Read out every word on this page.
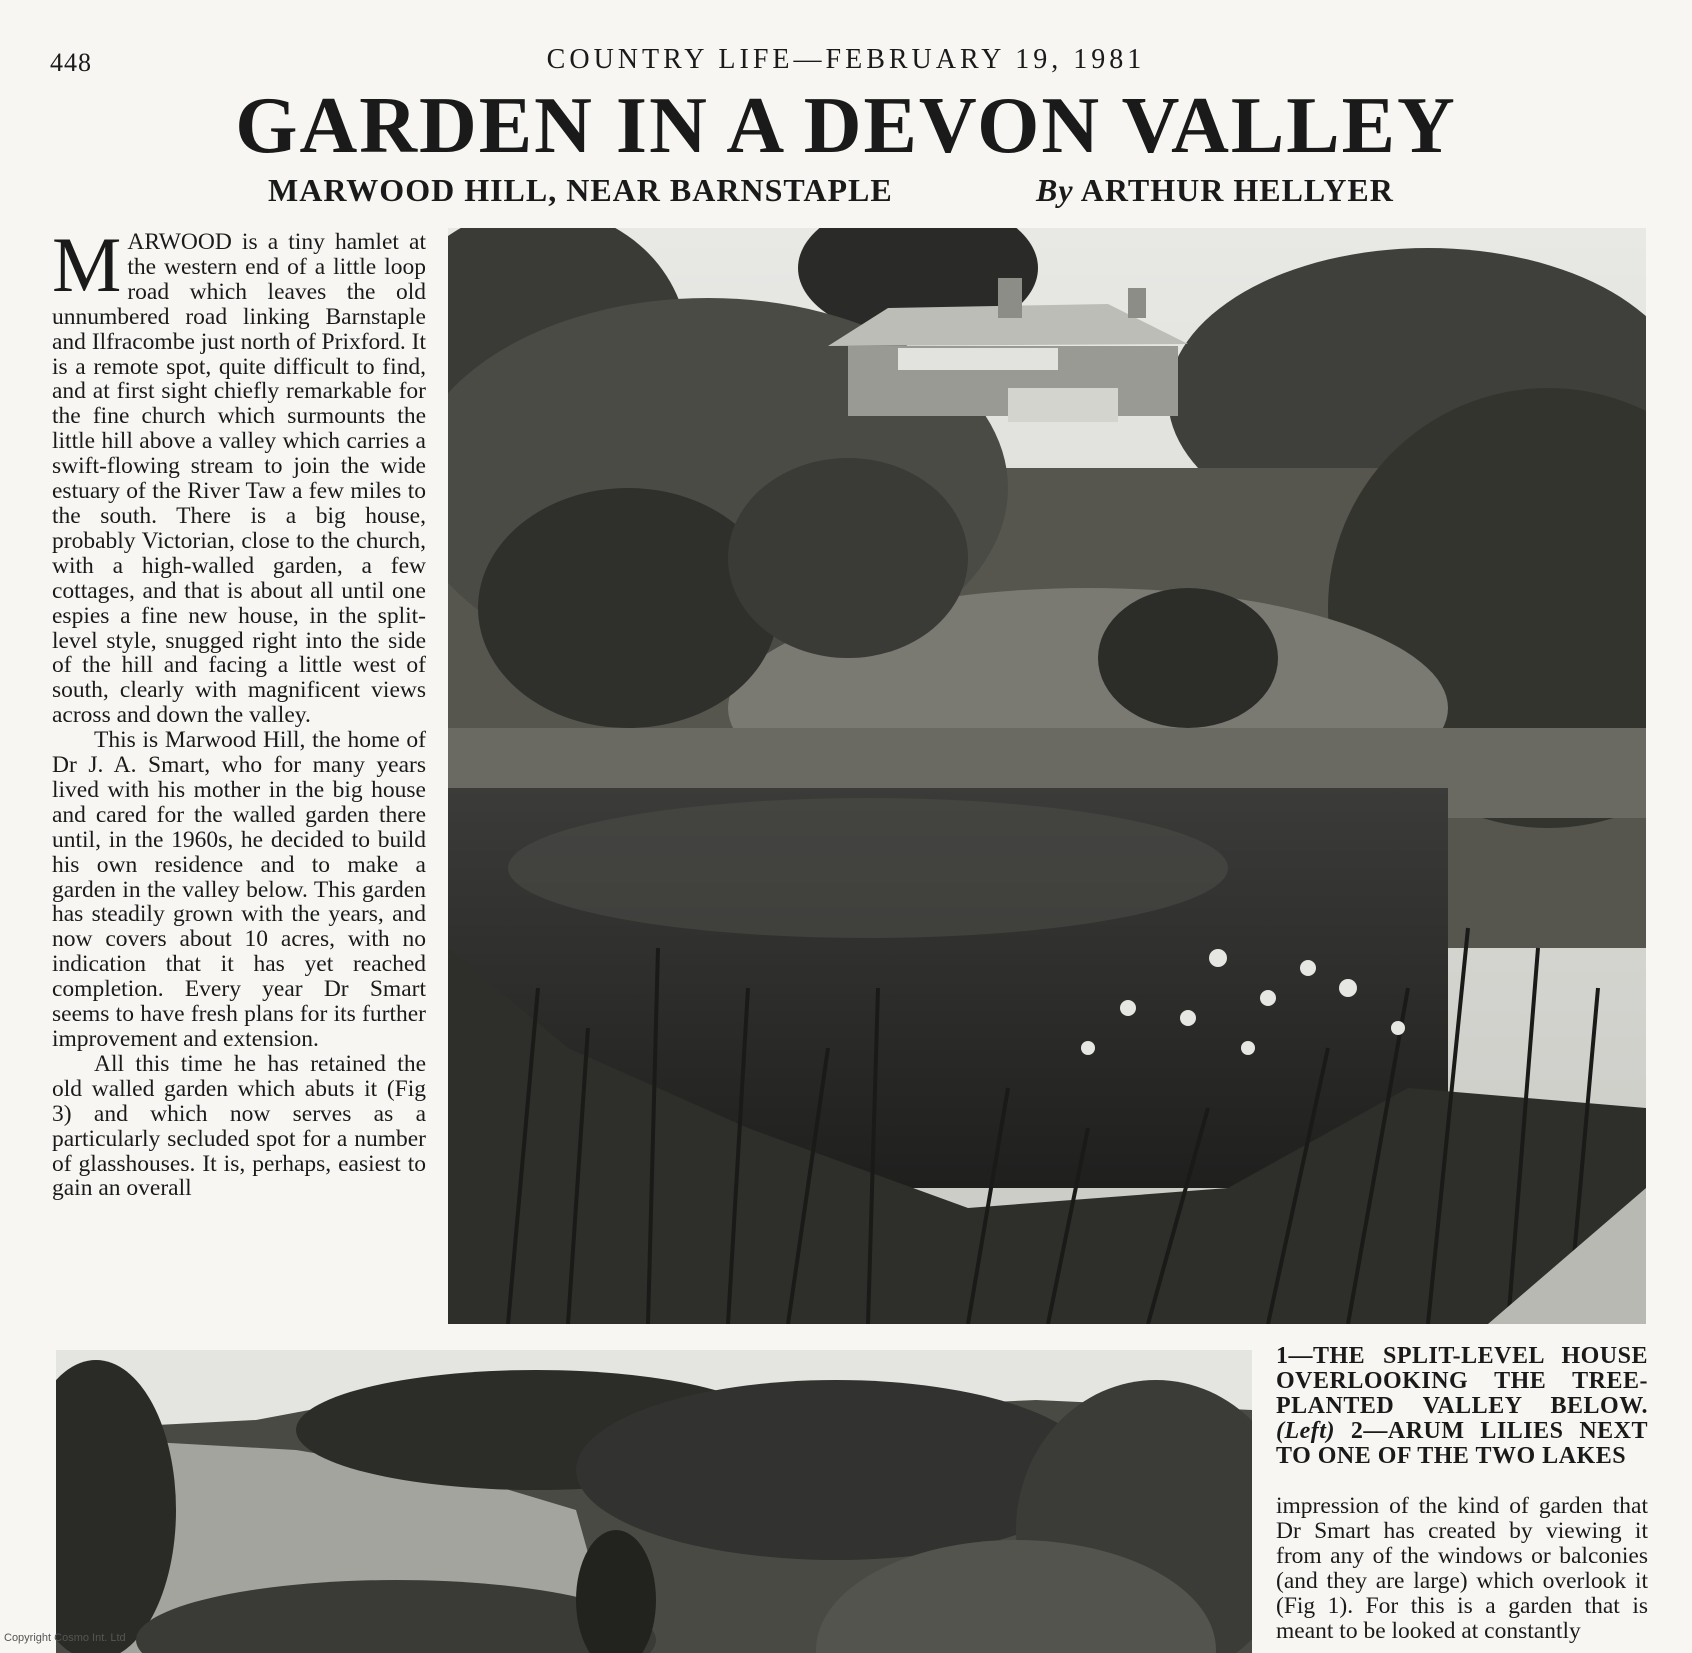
448	COUNTRY LIFE—FEBRUARY 19, 1981
GARDEN IN A DEVON VALLEY
MARWOOD HILL, NEAR BARNSTAPLE	By ARTHUR HELLYER

MARWOOD is a tiny hamlet at the western end of a little loop road which leaves the old unnumbered road linking Barnstaple and Ilfracombe just north of Prixford. It is a remote spot, quite difficult to find, and at first sight chiefly remarkable for the fine church which surmounts the little hill above a valley which carries a swift-flowing stream to join the wide estuary of the River Taw a few miles to the south. There is a big house, probably Victorian, close to the church, with a high-walled garden, a few cottages, and that is about all until one espies a fine new house, in the split-level style, snugged right into the side of the hill and facing a little west of south, clearly with magnificent views across and down the valley.

This is Marwood Hill, the home of Dr J. A. Smart, who for many years lived with his mother in the big house and cared for the walled garden there until, in the 1960s, he decided to build his own residence and to make a garden in the valley below. This garden has steadily grown with the years, and now covers about 10 acres, with no indication that it has yet reached completion. Every year Dr Smart seems to have fresh plans for its further improvement and extension.

All this time he has retained the old walled garden which abuts it (Fig 3) and which now serves as a particularly secluded spot for a number of glasshouses. It is, perhaps, easiest to gain an overall

1—THE SPLIT-LEVEL HOUSE OVERLOOKING THE TREE-PLANTED VALLEY BELOW. (Left) 2—ARUM LILIES NEXT TO ONE OF THE TWO LAKES

impression of the kind of garden that Dr Smart has created by viewing it from any of the windows or balconies (and they are large) which overlook it (Fig 1). For this is a garden that is meant to be looked at constantly

Copyright Cosmo Int. Ltd
